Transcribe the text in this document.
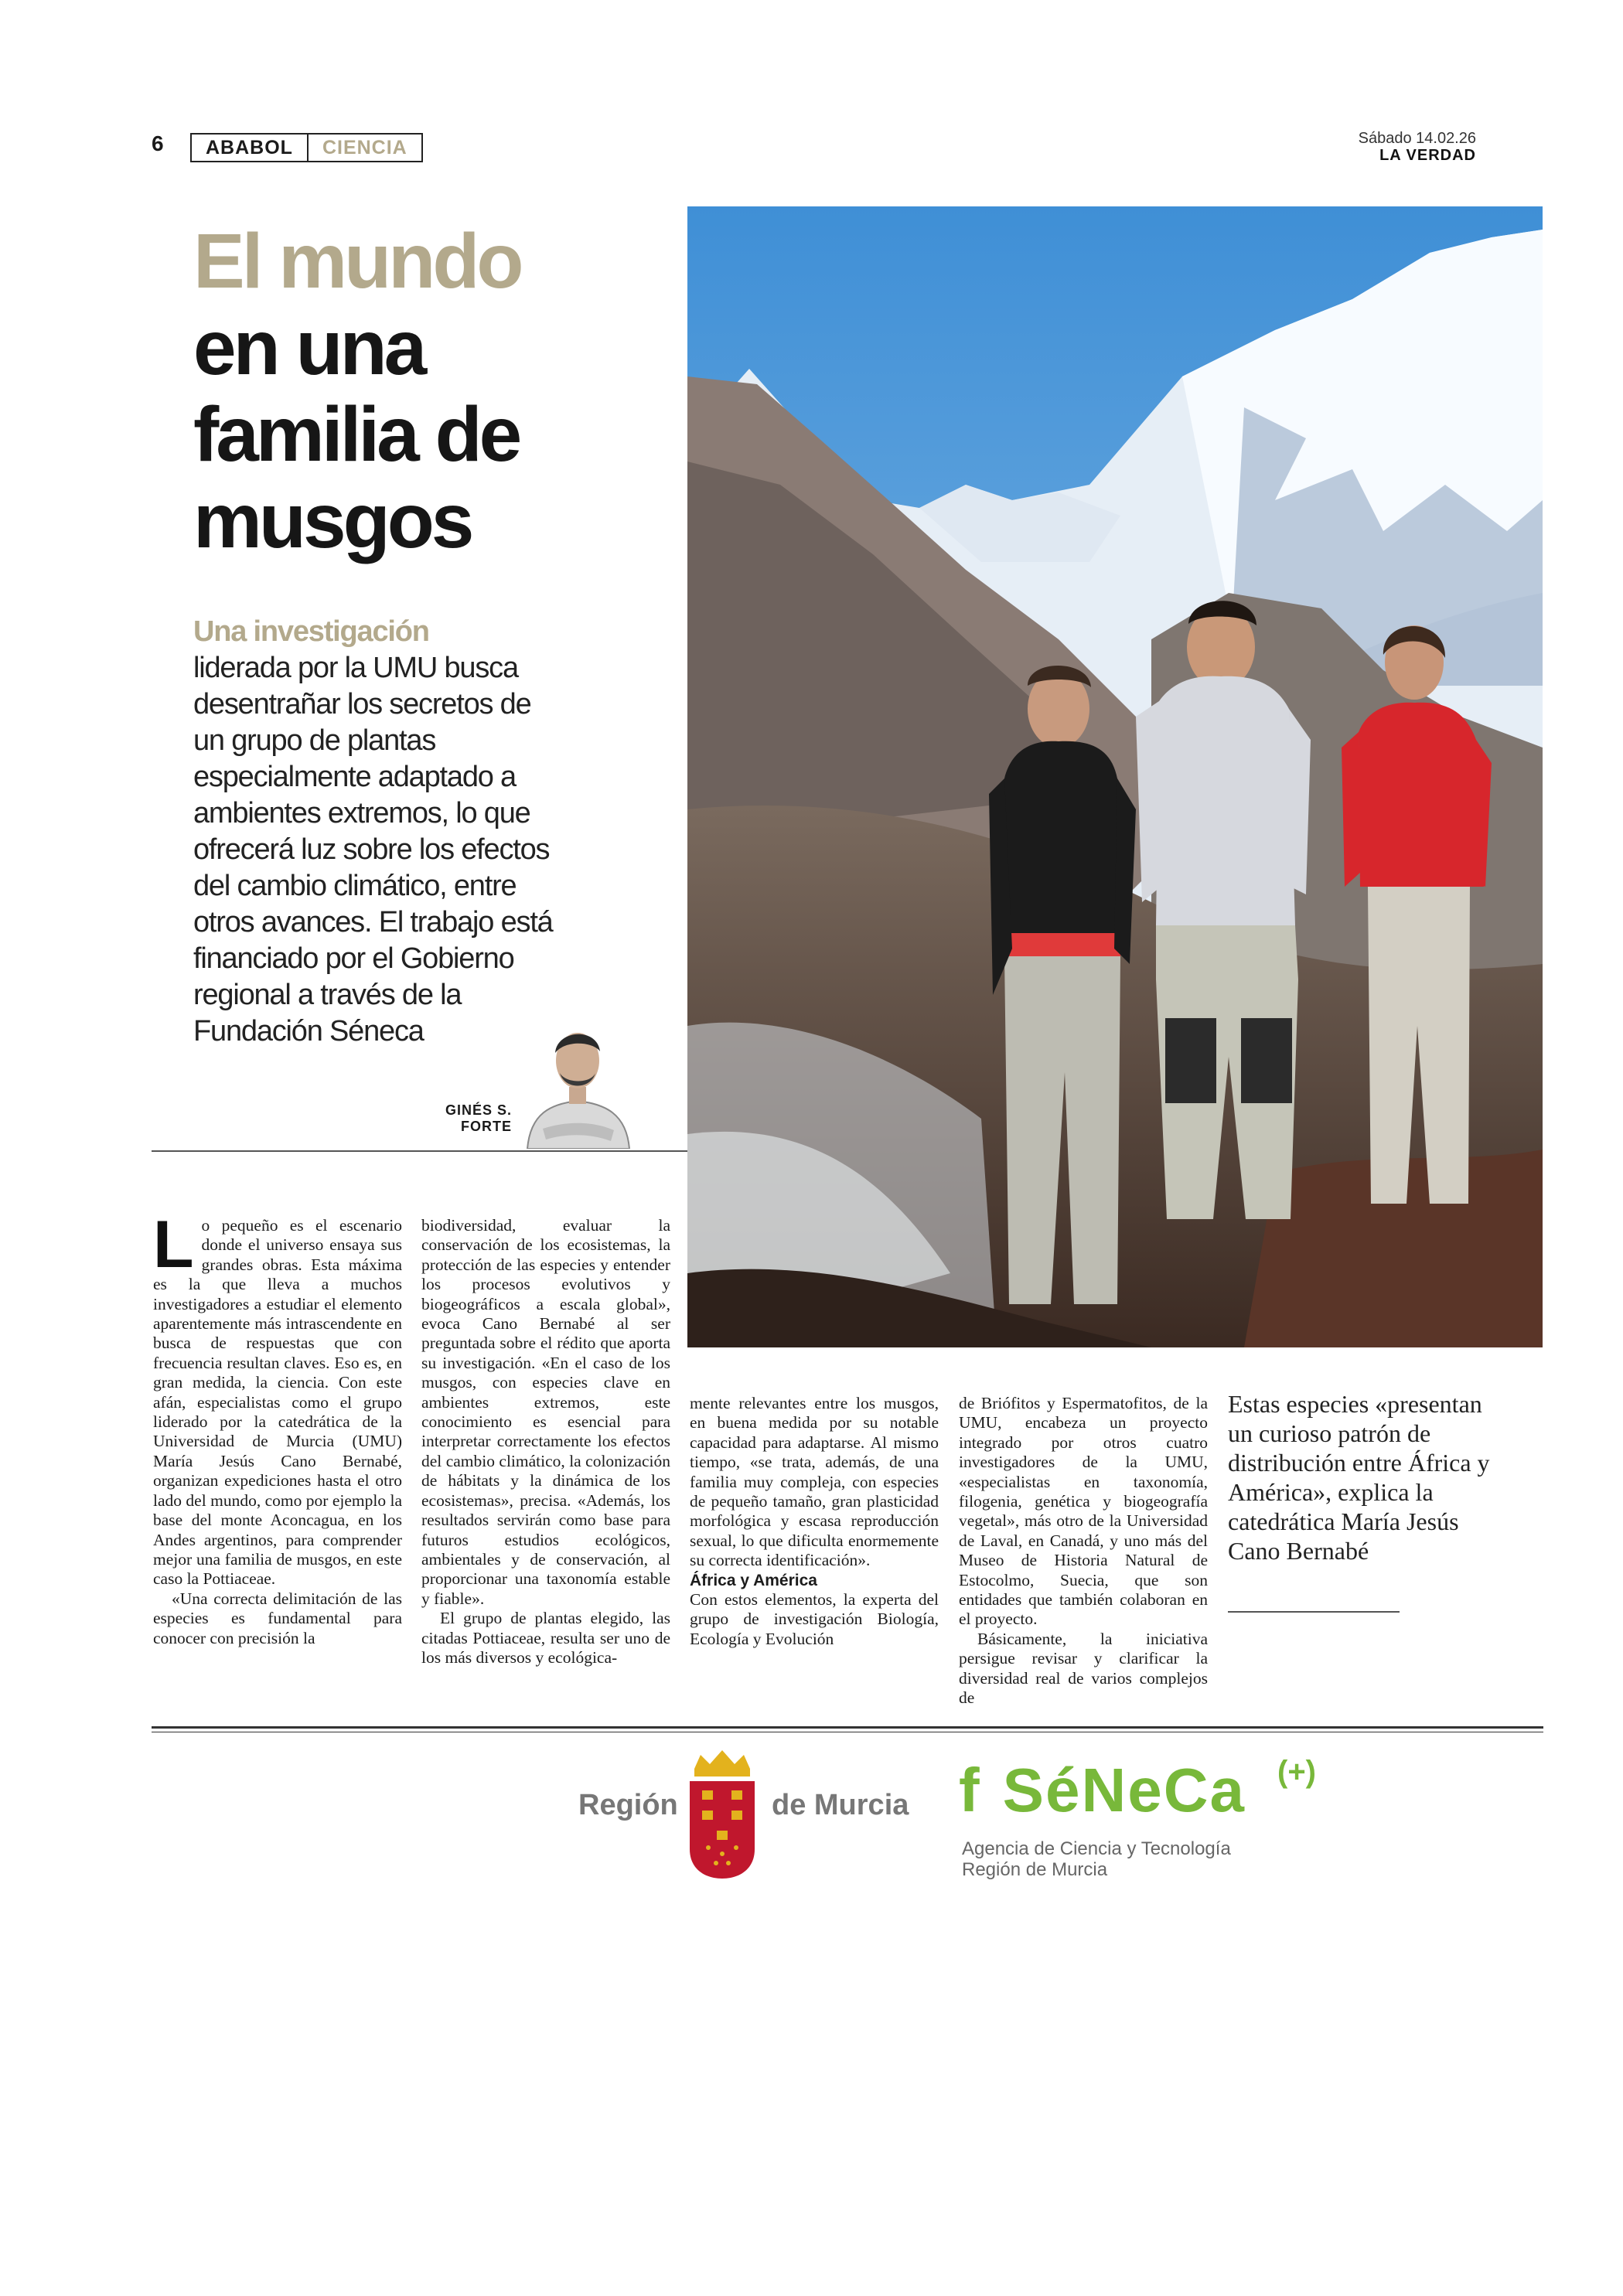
6	ABABOL	CIENCIA	Sábado 14.02.26
LA VERDAD
El mundo
en una
familia de
musgos
Una investigación
liderada por la UMU busca desentrañar los secretos de un grupo de plantas especialmente adaptado a ambientes extremos, lo que ofrecerá luz sobre los efectos del cambio climático, entre otros avances. El trabajo está financiado por el Gobierno regional a través de la Fundación Séneca
GINÉS S.
FORTE

Lo pequeño es el escenario donde el universo ensaya sus grandes obras. Esta máxima es la que lleva a muchos investigadores a estudiar el elemento aparentemente más intrascendente en busca de respuestas que con frecuencia resultan claves. Eso es, en gran medida, la ciencia. Con este afán, especialistas como el grupo liderado por la catedrática de la Universidad de Murcia (UMU) María Jesús Cano Bernabé, organizan expediciones hasta el otro lado del mundo, como por ejemplo la base del monte Aconcagua, en los Andes argentinos, para comprender mejor una familia de musgos, en este caso la Pottiaceae.

«Una correcta delimitación de las especies es fundamental para conocer con precisión la

biodiversidad, evaluar la conservación de los ecosistemas, la protección de las especies y entender los procesos evolutivos y biogeográficos a escala global», evoca Cano Bernabé al ser preguntada sobre el rédito que aporta su investigación. «En el caso de los musgos, con especies clave en ambientes extremos, este conocimiento es esencial para interpretar correctamente los efectos del cambio climático, la colonización de hábitats y la dinámica de los ecosistemas», precisa. «Además, los resultados servirán como base para futuros estudios ecológicos, ambientales y de conservación, al proporcionar una taxonomía estable y fiable».

El grupo de plantas elegido, las citadas Pottiaceae, resulta ser uno de los más diversos y ecológica-

mente relevantes entre los musgos, en buena medida por su notable capacidad para adaptarse. Al mismo tiempo, «se trata, además, de una familia muy compleja, con especies de pequeño tamaño, gran plasticidad morfológica y escasa reproducción sexual, lo que dificulta enormemente su correcta identificación».

África y América

Con estos elementos, la experta del grupo de investigación Biología, Ecología y Evolución

de Briófitos y Espermatofitos, de la UMU, encabeza un proyecto integrado por otros cuatro investigadores de la UMU, «especialistas en taxonomía, filogenia, genética y biogeografía vegetal», más otro de la Universidad de Laval, en Canadá, y uno más del Museo de Historia Natural de Estocolmo, Suecia, que son entidades que también colaboran en el proyecto.

Básicamente, la iniciativa persigue revisar y clarificar la diversidad real de varios complejos de

Estas especies «presentan un curioso patrón de distribución entre África y América», explica la catedrática María Jesús Cano Bernabé
Región	de Murcia f SéNeCa (+)
Agencia de Ciencia y Tecnología
Región de Murcia
